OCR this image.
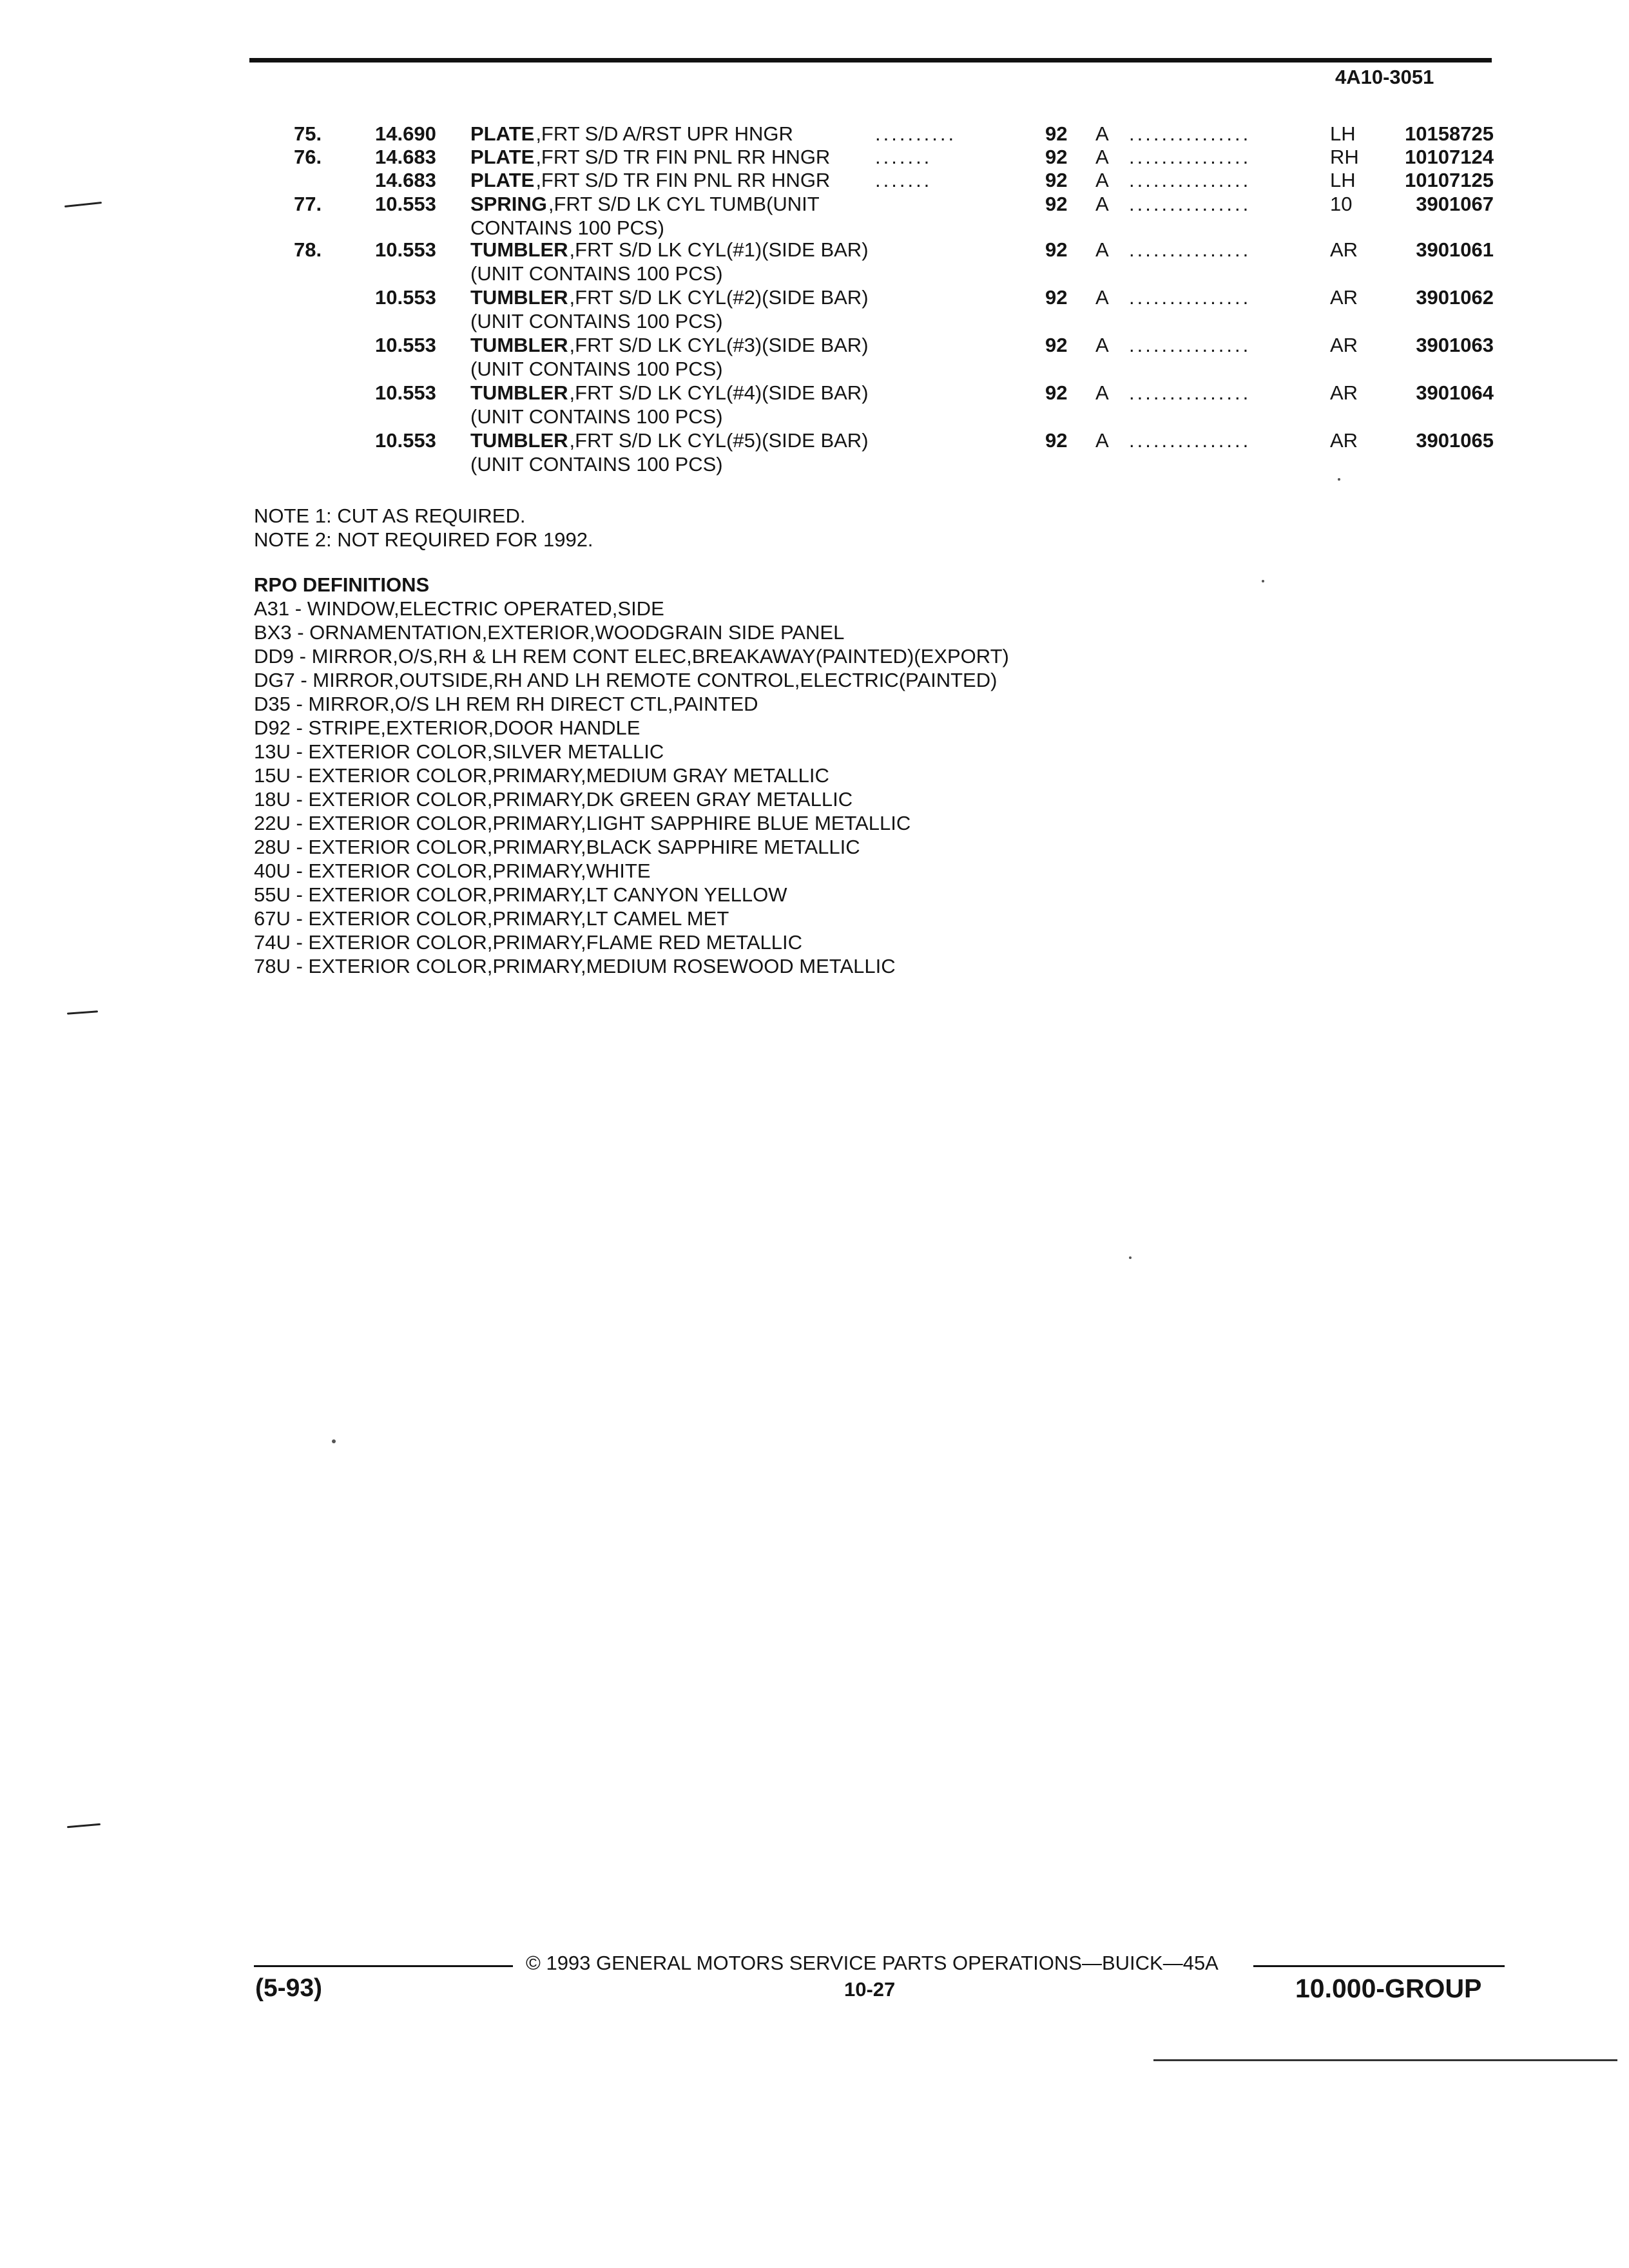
4A10-3051
75.	14.690 PLATE ,FRT S/D A/RST UPR HNGR	..........	92 A ...............	LH 10158725
76.	14.683 PLATE ,FRT S/D TR FIN PNL RR HNGR .......	92 A ...............	RH 10107124
14.683 PLATE ,FRT S/D TR FIN PNL RR HNGR .......	92 A ...............	LH 10107125
77.	10.553 SPRING ,FRT S/D LK CYL TUMB(UNIT
CONTAINS 100 PCS)
92 A ...............	10	3901067
78.	10.553 TUMBLER ,FRT S/D LK CYL(#1)(SIDE BAR)
(UNIT CONTAINS 100 PCS)
92 A ...............	AR	3901061
10.553 TUMBLER ,FRT S/D LK CYL(#2)(SIDE BAR)
(UNIT CONTAINS 100 PCS)
92 A ...............	AR	3901062
10.553 TUMBLER ,FRT S/D LK CYL(#3)(SIDE BAR)
(UNIT CONTAINS 100 PCS)
92 A ...............	AR	3901063
10.553 TUMBLER ,FRT S/D LK CYL(#4)(SIDE BAR)
(UNIT CONTAINS 100 PCS)
92 A ...............	AR	3901064
10.553 TUMBLER ,FRT S/D LK CYL(#5)(SIDE BAR)
(UNIT CONTAINS 100 PCS)
92 A ...............	AR	3901065
NOTE 1: CUT AS REQUIRED.
NOTE 2: NOT REQUIRED FOR 1992.
RPO DEFINITIONS
A31 - WINDOW,ELECTRIC OPERATED,SIDE
BX3 - ORNAMENTATION,EXTERIOR,WOODGRAIN SIDE PANEL
DD9 - MIRROR,O/S,RH & LH REM CONT ELEC,BREAKAWAY(PAINTED)(EXPORT)
DG7 - MIRROR,OUTSIDE,RH AND LH REMOTE CONTROL,ELECTRIC(PAINTED)
D35 - MIRROR,O/S LH REM RH DIRECT CTL,PAINTED
D92 - STRIPE,EXTERIOR,DOOR HANDLE
13U - EXTERIOR COLOR,SILVER METALLIC
15U - EXTERIOR COLOR,PRIMARY,MEDIUM GRAY METALLIC
18U - EXTERIOR COLOR,PRIMARY,DK GREEN GRAY METALLIC
22U - EXTERIOR COLOR,PRIMARY,LIGHT SAPPHIRE BLUE METALLIC
28U - EXTERIOR COLOR,PRIMARY,BLACK SAPPHIRE METALLIC
40U - EXTERIOR COLOR,PRIMARY,WHITE
55U - EXTERIOR COLOR,PRIMARY,LT CANYON YELLOW
67U - EXTERIOR COLOR,PRIMARY,LT CAMEL MET
74U - EXTERIOR COLOR,PRIMARY,FLAME RED METALLIC
78U - EXTERIOR COLOR,PRIMARY,MEDIUM ROSEWOOD METALLIC
© 1993 GENERAL MOTORS SERVICE PARTS OPERATIONS—BUICK—45A
(5-93)	10-27	10.000-GROUP
